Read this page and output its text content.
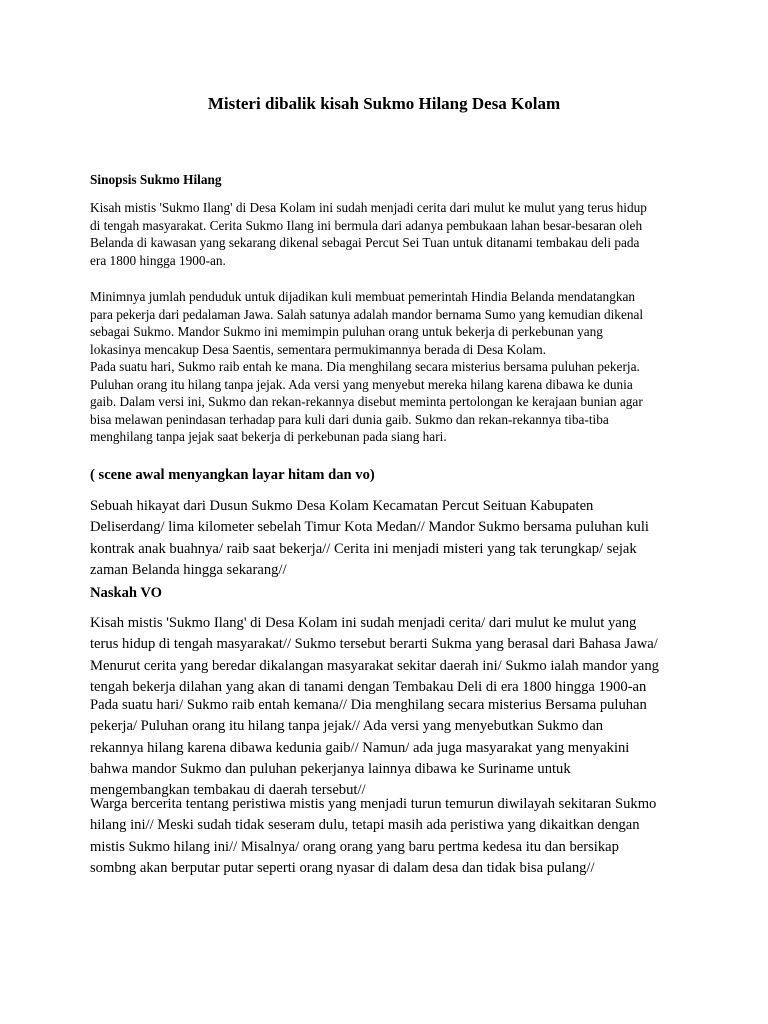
Misteri dibalik kisah Sukmo Hilang Desa Kolam
Sinopsis Sukmo Hilang
Kisah mistis 'Sukmo Ilang' di Desa Kolam ini sudah menjadi cerita dari mulut ke mulut yang terus hidup
di tengah masyarakat. Cerita Sukmo Ilang ini bermula dari adanya pembukaan lahan besar-besaran oleh
Belanda di kawasan yang sekarang dikenal sebagai Percut Sei Tuan untuk ditanami tembakau deli pada
era 1800 hingga 1900-an.
Minimnya jumlah penduduk untuk dijadikan kuli membuat pemerintah Hindia Belanda mendatangkan
para pekerja dari pedalaman Jawa. Salah satunya adalah mandor bernama Sumo yang kemudian dikenal
sebagai Sukmo. Mandor Sukmo ini memimpin puluhan orang untuk bekerja di perkebunan yang
lokasinya mencakup Desa Saentis, sementara permukimannya berada di Desa Kolam.
Pada suatu hari, Sukmo raib entah ke mana. Dia menghilang secara misterius bersama puluhan pekerja.
Puluhan orang itu hilang tanpa jejak. Ada versi yang menyebut mereka hilang karena dibawa ke dunia
gaib. Dalam versi ini, Sukmo dan rekan-rekannya disebut meminta pertolongan ke kerajaan bunian agar
bisa melawan penindasan terhadap para kuli dari dunia gaib. Sukmo dan rekan-rekannya tiba-tiba
menghilang tanpa jejak saat bekerja di perkebunan pada siang hari.
( scene awal menyangkan layar hitam dan vo)
Sebuah hikayat dari Dusun Sukmo Desa Kolam Kecamatan Percut Seituan Kabupaten
Deliserdang/ lima kilometer sebelah Timur Kota Medan// Mandor Sukmo bersama puluhan kuli
kontrak anak buahnya/ raib saat bekerja// Cerita ini menjadi misteri yang tak terungkap/ sejak
zaman Belanda hingga sekarang//
Naskah VO
Kisah mistis 'Sukmo Ilang' di Desa Kolam ini sudah menjadi cerita/ dari mulut ke mulut yang
terus hidup di tengah masyarakat// Sukmo tersebut berarti Sukma yang berasal dari Bahasa Jawa/
Menurut cerita yang beredar dikalangan masyarakat sekitar daerah ini/ Sukmo ialah mandor yang
tengah bekerja dilahan yang akan di tanami dengan Tembakau Deli di era 1800 hingga 1900-an
Pada suatu hari/ Sukmo raib entah kemana// Dia menghilang secara misterius Bersama puluhan
pekerja/ Puluhan orang itu hilang tanpa jejak// Ada versi yang menyebutkan Sukmo dan
rekannya hilang karena dibawa kedunia gaib// Namun/ ada juga masyarakat yang menyakini
bahwa mandor Sukmo dan puluhan pekerjanya lainnya dibawa ke Suriname untuk
mengembangkan tembakau di daerah tersebut//
Warga bercerita tentang peristiwa mistis yang menjadi turun temurun diwilayah sekitaran Sukmo
hilang ini// Meski sudah tidak seseram dulu, tetapi masih ada peristiwa yang dikaitkan dengan
mistis Sukmo hilang ini// Misalnya/ orang orang yang baru pertma kedesa itu dan bersikap
sombng akan berputar putar seperti orang nyasar di dalam desa dan tidak bisa pulang//
